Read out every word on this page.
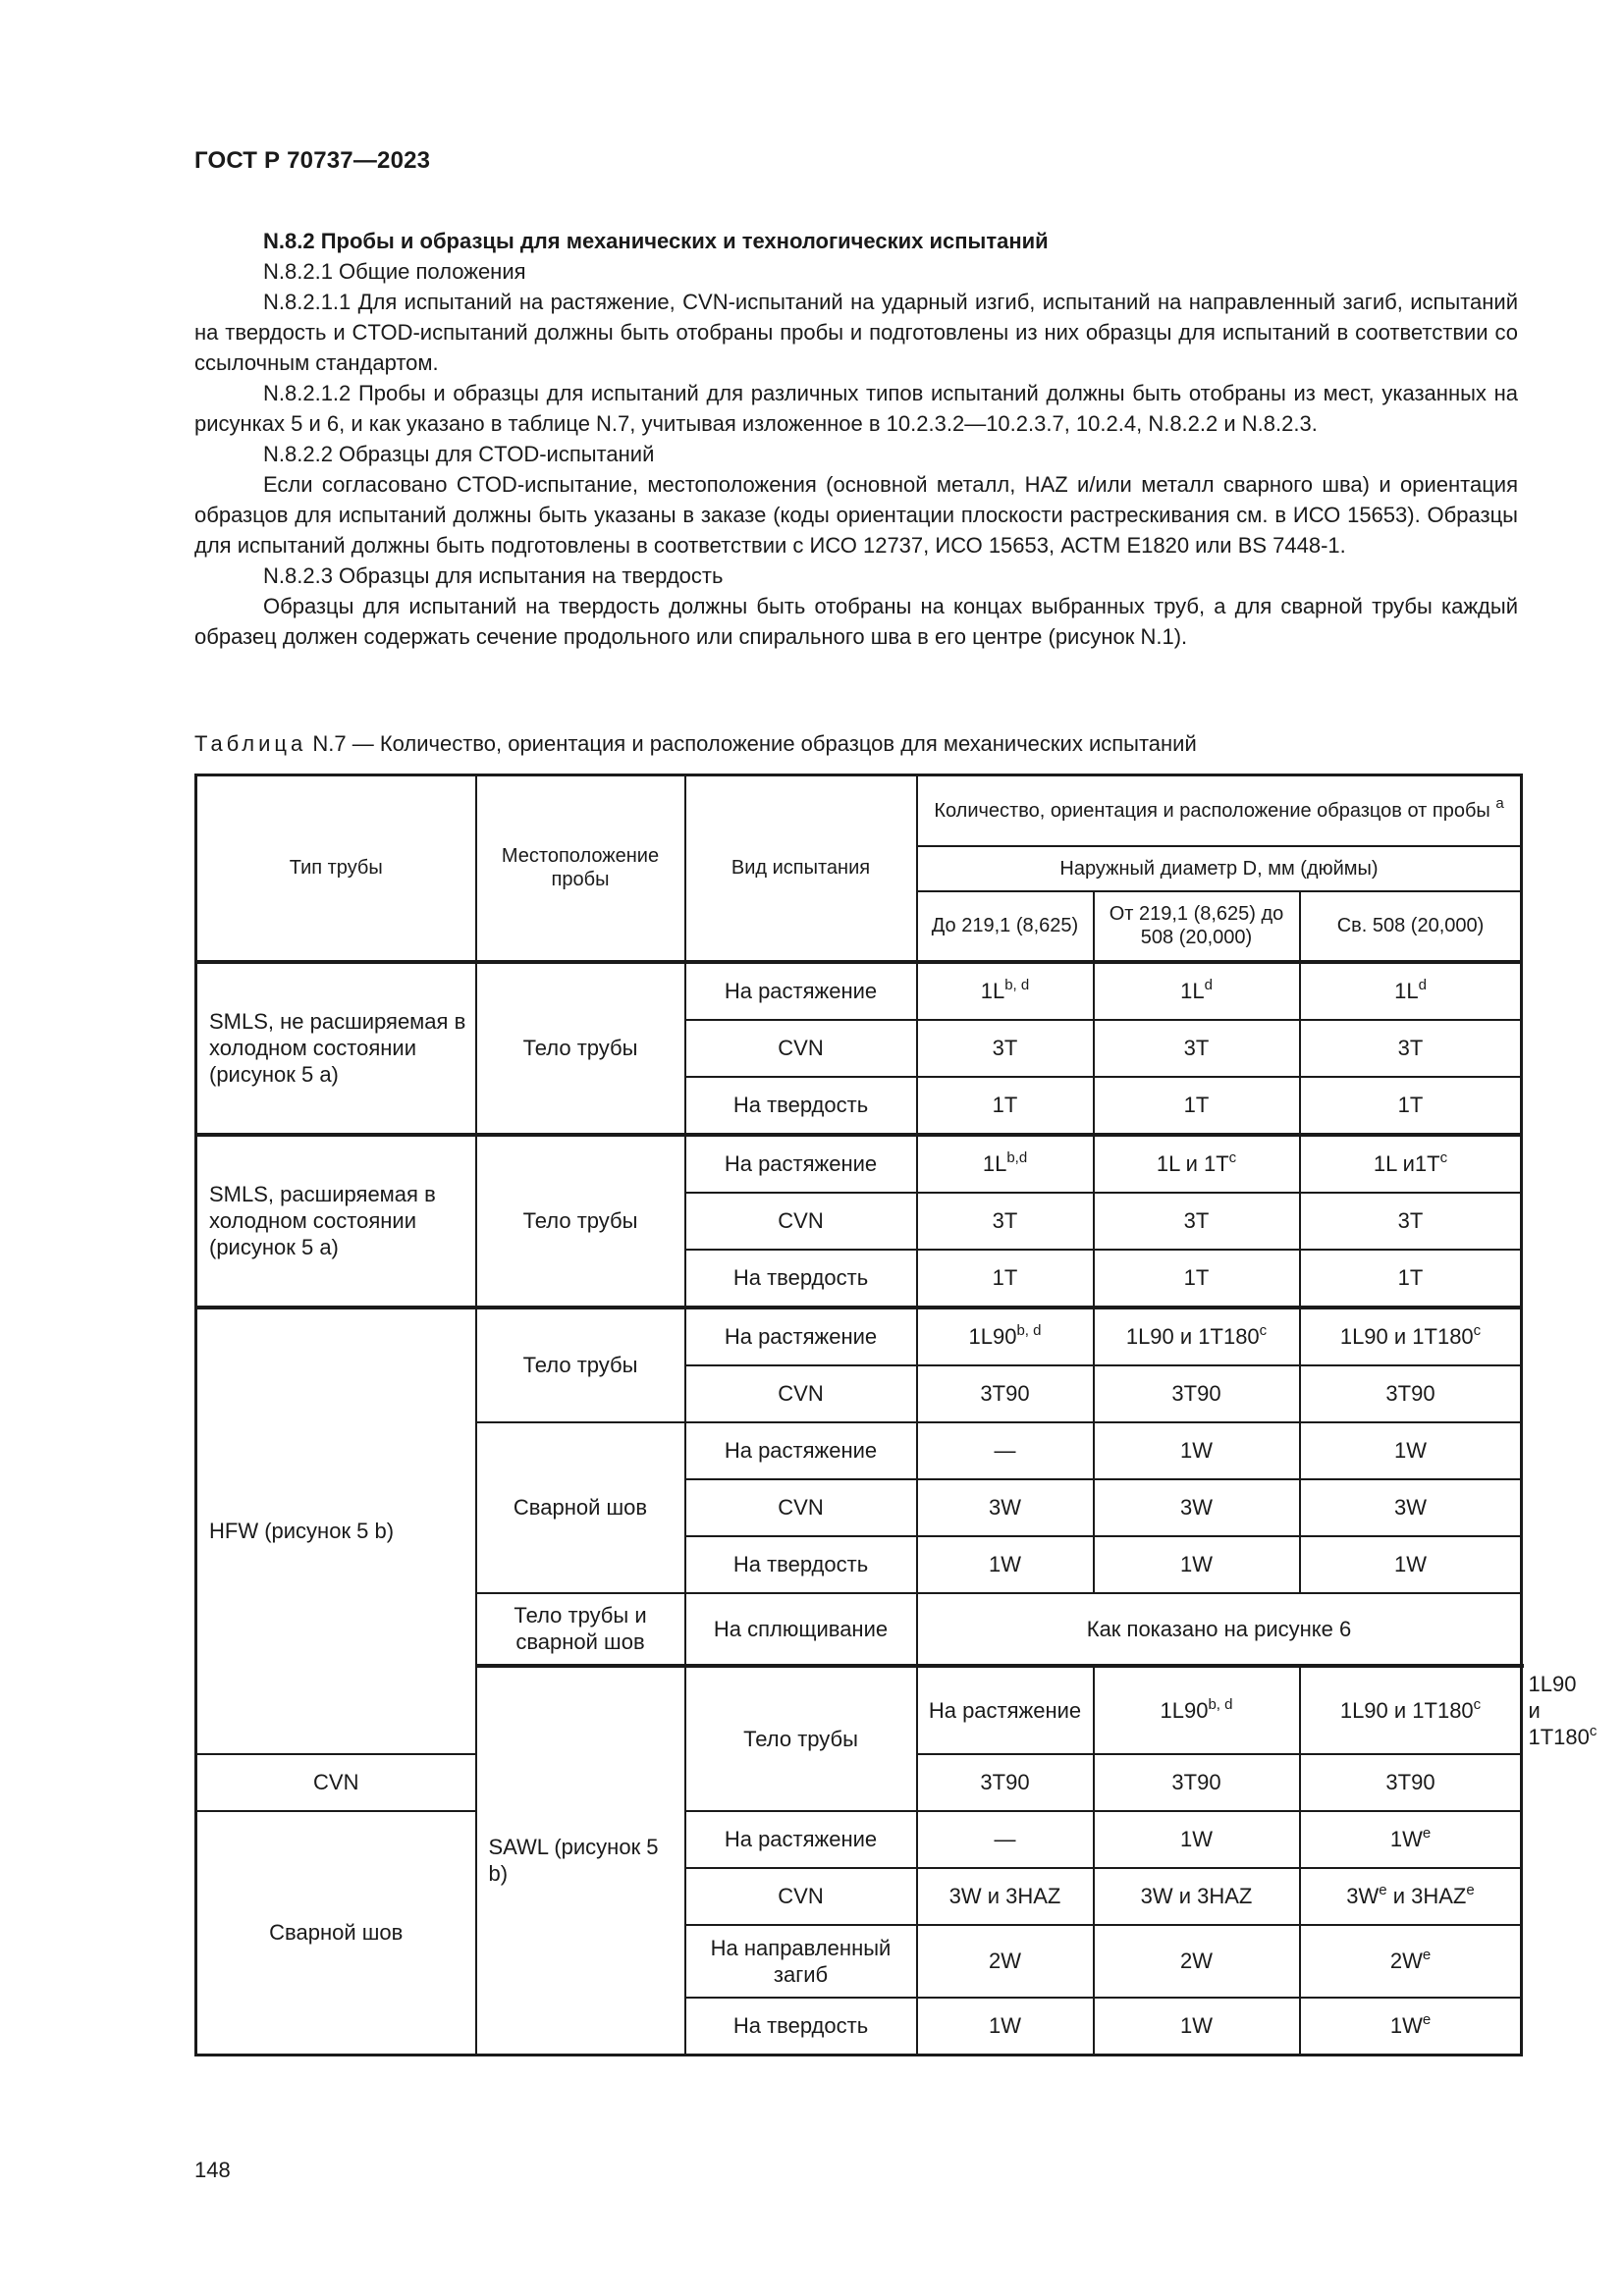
ГОСТ Р 70737—2023

N.8.2 Пробы и образцы для механических и технологических испытаний

N.8.2.1 Общие положения

N.8.2.1.1 Для испытаний на растяжение, CVN-испытаний на ударный изгиб, испытаний на направленный загиб, испытаний на твердость и CTOD-испытаний должны быть отобраны пробы и подготовлены из них образцы для испытаний в соответствии со ссылочным стандартом.

N.8.2.1.2 Пробы и образцы для испытаний для различных типов испытаний должны быть отобраны из мест, указанных на рисунках 5 и 6, и как указано в таблице N.7, учитывая изложенное в 10.2.3.2—10.2.3.7, 10.2.4, N.8.2.2 и N.8.2.3.

N.8.2.2 Образцы для CTOD-испытаний

Если согласовано CTOD-испытание, местоположения (основной металл, HAZ и/или металл сварного шва) и ориентация образцов для испытаний должны быть указаны в заказе (коды ориентации плоскости растрескивания см. в ИСО 15653). Образцы для испытаний должны быть подготовлены в соответствии с ИСО 12737, ИСО 15653, АСТМ Е1820 или BS 7448-1.

N.8.2.3 Образцы для испытания на твердость

Образцы для испытаний на твердость должны быть отобраны на концах выбранных труб, а для сварной трубы каждый образец должен содержать сечение продольного или спирального шва в его центре (рисунок N.1).

Таблица N.7 — Количество, ориентация и расположение образцов для механических испытаний
Тип трубы	Местоположение пробы	Вид испытания	Количество, ориентация и расположение образцов от пробы $^a$
			Наружный диаметр D, мм (дюймы)			
			До 219,1 (8,625)	От 219,1 (8,625) до 508 (20,000)	Св. 508 (20,000)	
SMLS, не расширяемая в холодном состоянии (рисунок 5 а)	Тело трубы	На растяжение	$1L^{b, d}$	$1L^d$	$1L^d$
		CVN	3T	3T	3T	
		На твердость	1T	1T	1T	
SMLS, расширяемая в холодном состоянии (рисунок 5 а)	Тело трубы	На растяжение	$1L^{b,d}$	1L и $1T^c$	1L $и1T^c$
		CVN	3T	3T	3T	
		На твердость	1T	1T	1T	
HFW (рисунок 5 b)	Тело трубы	На растяжение	1L90$^{b, d}$	1L90 и 1T180$^c$	1L90 и 1T180$^c$
		CVN	3T90	3T90	3T90	
	Сварной шов	На растяжение	—	1W	1W	
		CVN	3W	3W	3W	
		На твердость	1W	1W	1W	
	Тело трубы и сварной шов	На сплющивание	Как показано на рисунке 6			
	SAWL (рисунок 5 b)	Тело трубы	На растяжение	1L90$^{b, d}$	1L90 и 1T180$^c$	1L90 и 1T180$^c$
CVN			3T90	3T90	3T90	
Сварной шов		На растяжение	—	1W	$1W^e$
		CVN	3W и 3HAZ	3W и 3HAZ	$3W^e$ и 3HAZ$^e$
		На направленный загиб	2W	2W	$2W^e$
		На твердость	1W	1W	$1W^e$
148
